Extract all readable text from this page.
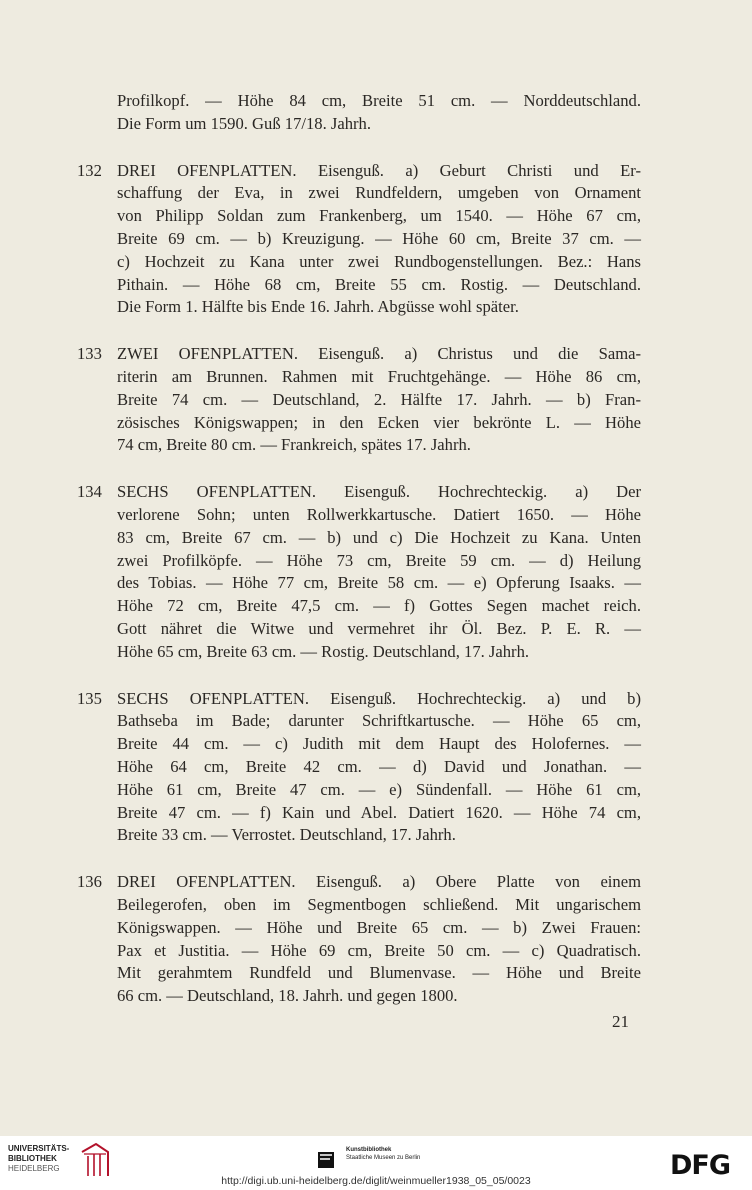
Profilkopf. — Höhe 84 cm, Breite 51 cm. — Norddeutschland.

Die Form um 1590. Guß 17/18. Jahrh.

132 DREI OFENPLATTEN. Eisenguß. a) Geburt Christi und Er-

schaffung der Eva, in zwei Rundfeldern, umgeben von Ornament

von Philipp Soldan zum Frankenberg, um 1540. — Höhe 67 cm,

Breite 69 cm. — b) Kreuzigung. — Höhe 60 cm, Breite 37 cm. —

c) Hochzeit zu Kana unter zwei Rundbogenstellungen. Bez.: Hans

Pithain. — Höhe 68 cm, Breite 55 cm. Rostig. — Deutschland.

Die Form 1. Hälfte bis Ende 16. Jahrh. Abgüsse wohl später.

133 ZWEI OFENPLATTEN. Eisenguß. a) Christus und die Sama-

riterin am Brunnen. Rahmen mit Fruchtgehänge. — Höhe 86 cm,

Breite 74 cm. — Deutschland, 2. Hälfte 17. Jahrh. — b) Fran-

zösisches Königswappen; in den Ecken vier bekrönte L. — Höhe

74 cm, Breite 80 cm. — Frankreich, spätes 17. Jahrh.

134 SECHS OFENPLATTEN. Eisenguß. Hochrechteckig. a) Der

verlorene Sohn; unten Rollwerkkartusche. Datiert 1650. — Höhe

83 cm, Breite 67 cm. — b) und c) Die Hochzeit zu Kana. Unten

zwei Profilköpfe. — Höhe 73 cm, Breite 59 cm. — d) Heilung

des Tobias. — Höhe 77 cm, Breite 58 cm. — e) Opferung Isaaks. —

Höhe 72 cm, Breite 47,5 cm. — f) Gottes Segen machet reich.

Gott nähret die Witwe und vermehret ihr Öl. Bez. P. E. R. —

Höhe 65 cm, Breite 63 cm. — Rostig. Deutschland, 17. Jahrh.

135 SECHS OFENPLATTEN. Eisenguß. Hochrechteckig. a) und b)

Bathseba im Bade; darunter Schriftkartusche. — Höhe 65 cm,

Breite 44 cm. — c) Judith mit dem Haupt des Holofernes. —

Höhe 64 cm, Breite 42 cm. — d) David und Jonathan. —

Höhe 61 cm, Breite 47 cm. — e) Sündenfall. — Höhe 61 cm,

Breite 47 cm. — f) Kain und Abel. Datiert 1620. — Höhe 74 cm,

Breite 33 cm. — Verrostet. Deutschland, 17. Jahrh.

136 DREI OFENPLATTEN. Eisenguß. a) Obere Platte von einem

Beilegerofen, oben im Segmentbogen schließend. Mit ungarischem

Königswappen. — Höhe und Breite 65 cm. — b) Zwei Frauen:

Pax et Justitia. — Höhe 69 cm, Breite 50 cm. — c) Quadratisch.

Mit gerahmtem Rundfeld und Blumenvase. — Höhe und Breite

66 cm. — Deutschland, 18. Jahrh. und gegen 1800.

21
UNIVERSITÄTS-
BIBLIOTHEK
HEIDELBERG
Kunstbibliothek
Staatliche Museen zu Berlin	DFG
http://digi.ub.uni-heidelberg.de/diglit/weinmueller1938_05_05/0023
